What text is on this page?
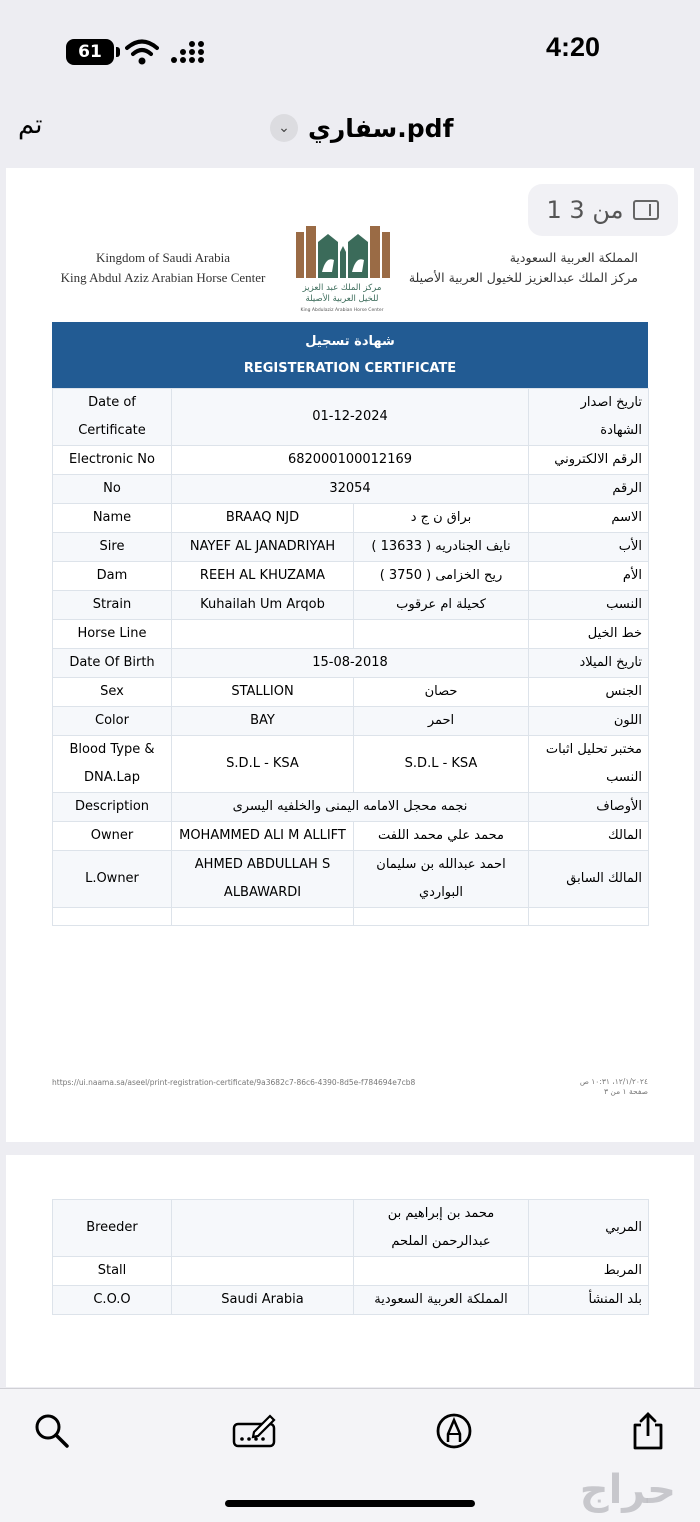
61	4:20
تم	⌄ سفاري.pdf
1 من 3
Kingdom of Saudi Arabia
King Abdul Aziz Arabian Horse Center
مركز الملك عبد العزيز
للخيل العربية الأصيلة
King Abdulaziz Arabian Horse Center
المملكة العربية السعودية
مركز الملك عبدالعزيز للخيول العربية الأصيلة
شهادة تسجيل
REGISTERATION CERTIFICATE
Date of Certificate	01-12-2024		تاريخ اصدار الشهادة
Electronic No	682000100012169		الرقم الالكتروني
No	32054		الرقم
Name	BRAAQ NJD	براق ن ج د	الاسم
Sire	NAYEF AL JANADRIYAH	نايف الجنادريه ( 13633 )	الأب
Dam	REEH AL KHUZAMA	ريح الخزامى ( 3750 )	الأم
Strain	Kuhailah Um Arqob	كحيلة ام عرقوب	النسب
Horse Line			خط الخيل
Date Of Birth	15-08-2018		تاريخ الميلاد
Sex	STALLION	حصان	الجنس
Color	BAY	احمر	اللون
Blood Type & DNA.Lap	S.D.L - KSA	S.D.L - KSA	مختبر تحليل اثبات النسب
Description	نجمه محجل الامامه اليمنى والخلفيه اليسرى		الأوصاف
Owner	MOHAMMED ALI M ALLIFT	محمد علي محمد اللفت	المالك
L.Owner	AHMED ABDULLAH S ALBAWARDI	احمد عبدالله بن سليمان البواردي	المالك السابق

https://ui.naama.sa/aseel/print-registration-certificate/9a3682c7-86c6-4390-8d5e-f784694e7cb8	١٢/١/٢٠٢٤، ١٠:٣١ ص
صفحة ١ من ٣
Breeder		محمد بن إبراهيم بن عبدالرحمن الملحم	المربي
Stall			المربط
C.O.O	Saudi Arabia	المملكة العربية السعودية	بلد المنشأ
حراج
